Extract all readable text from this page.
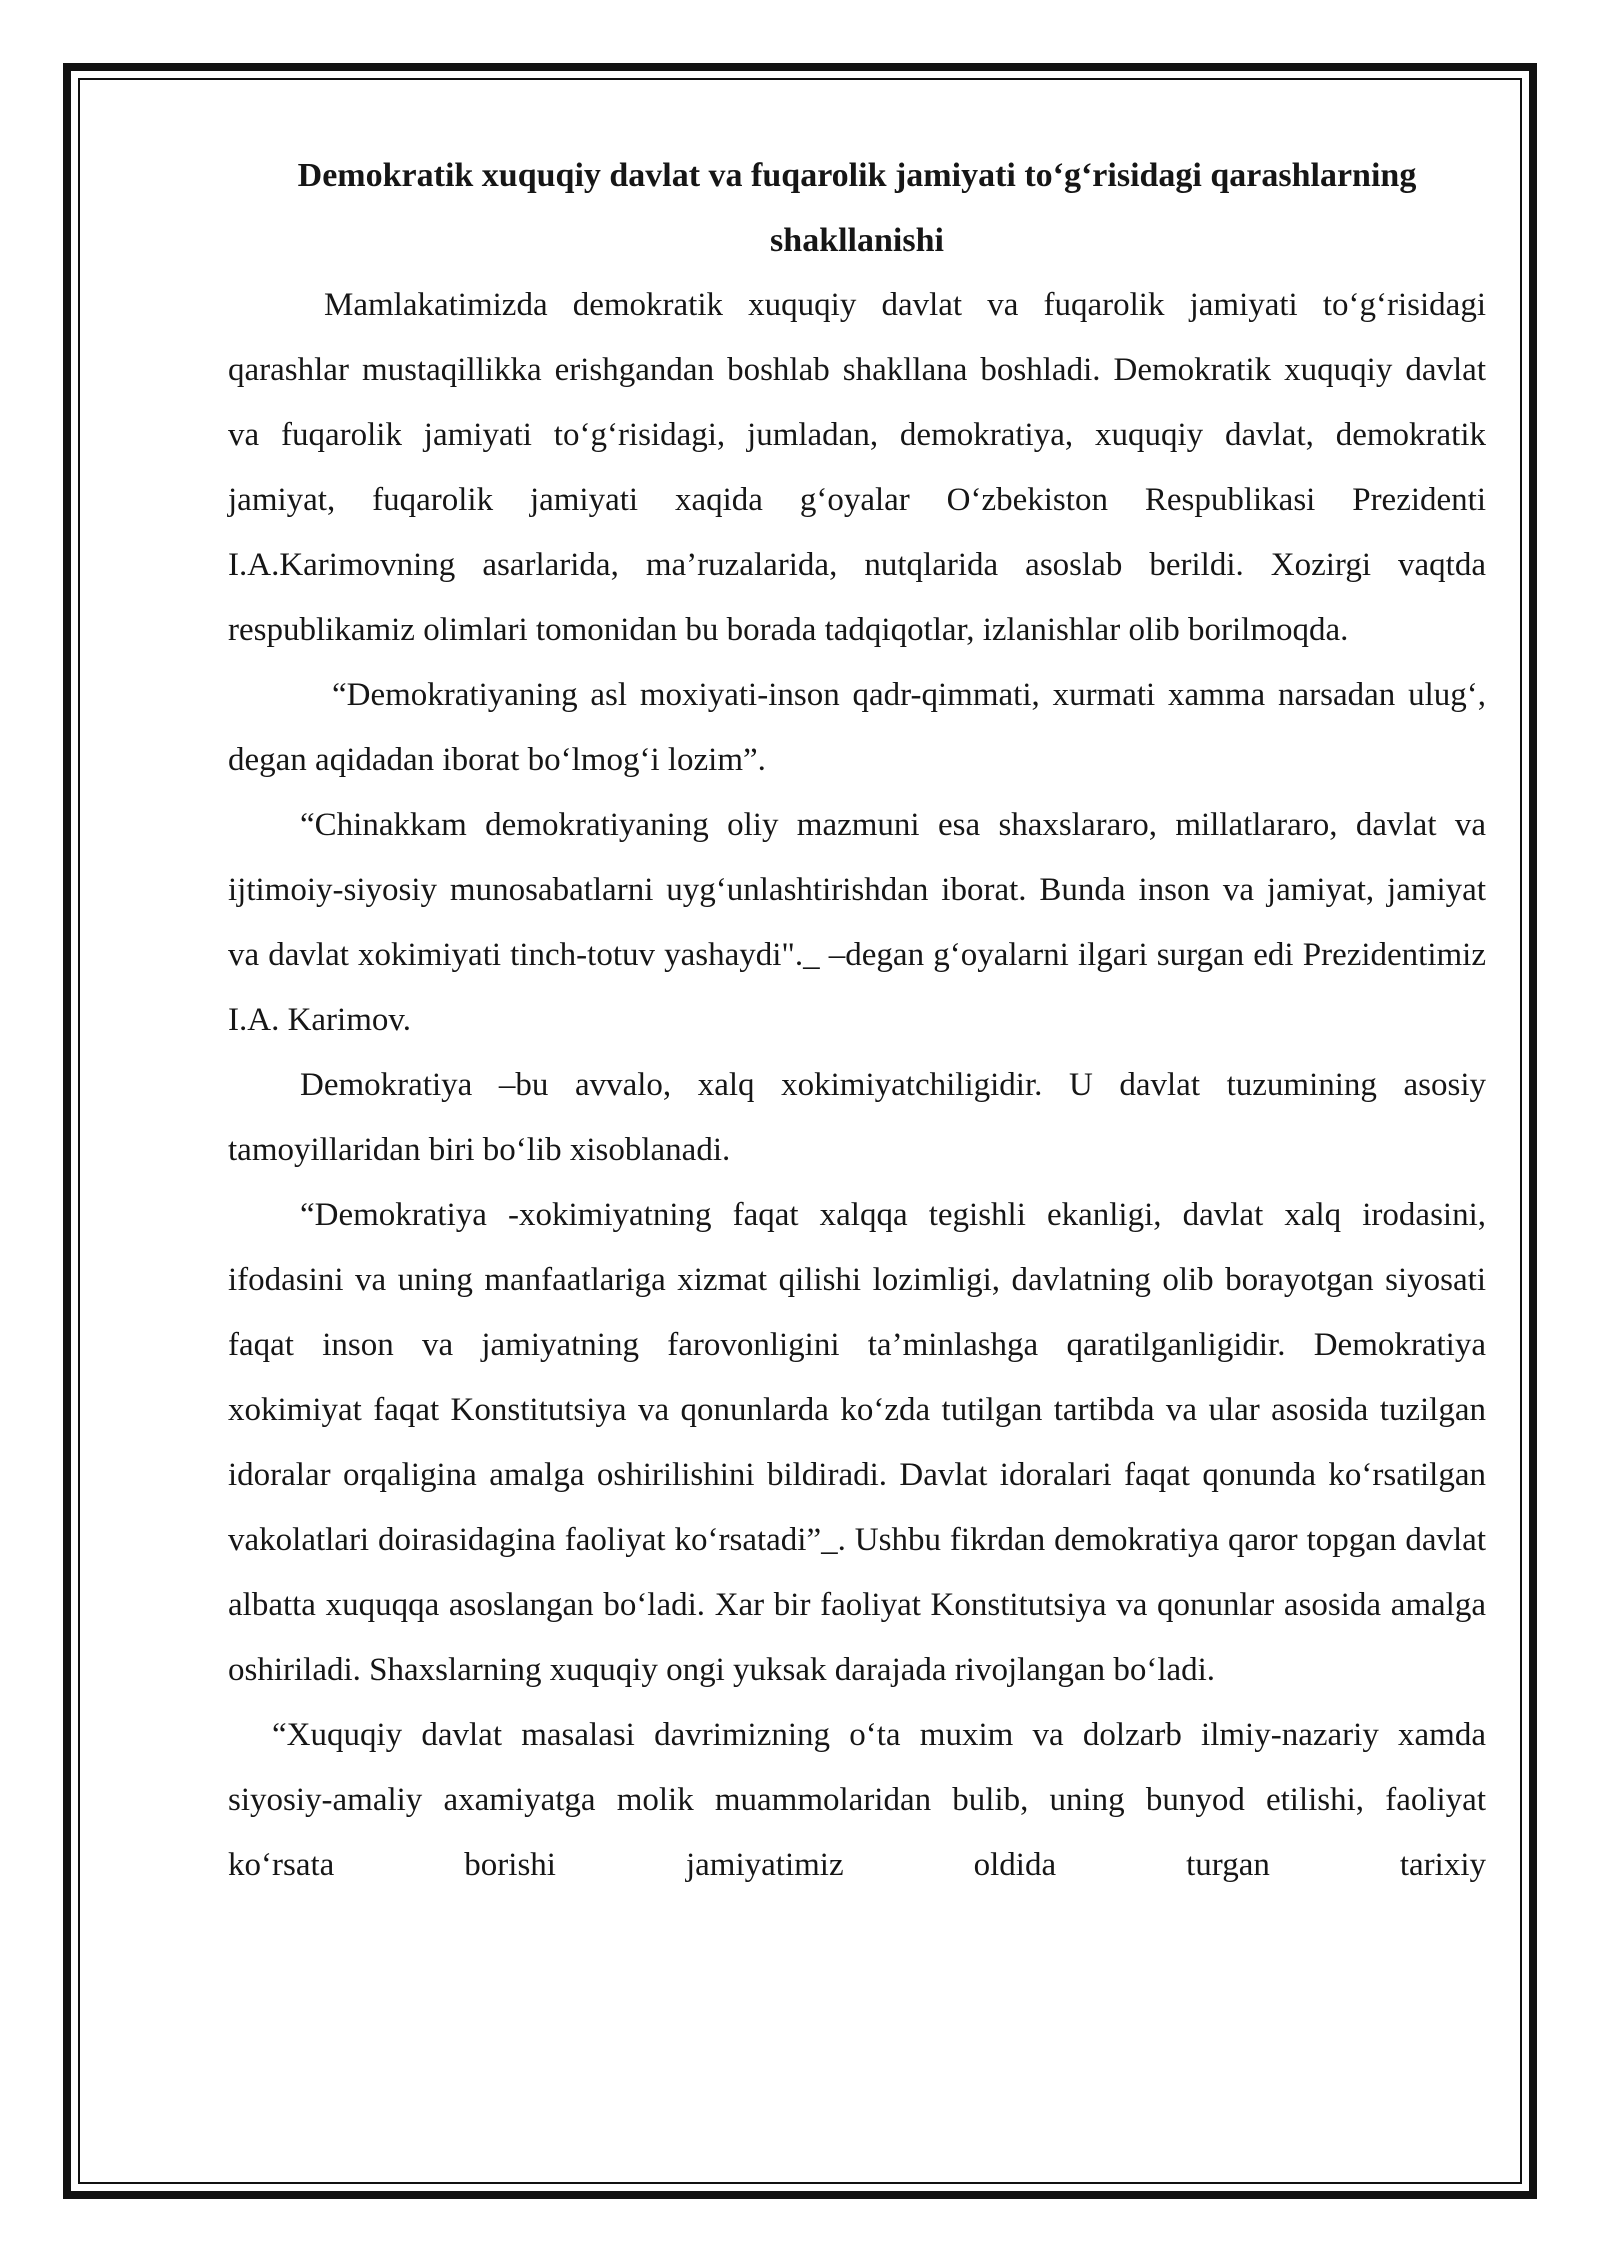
Demokratik xuquqiy davlat va fuqarolik jamiyati to‘g‘risidagi qarashlarning shakllanishi

Mamlakatimizda demokratik xuquqiy davlat va fuqarolik jamiyati to‘g‘risidagi qarashlar mustaqillikka erishgandan boshlab shakllana boshladi. Demokratik xuquqiy davlat va fuqarolik jamiyati to‘g‘risidagi, jumladan, demokratiya, xuquqiy davlat, demokratik jamiyat, fuqarolik jamiyati xaqida g‘oyalar O‘zbekiston Respublikasi Prezidenti I.A.Karimovning asarlarida, ma’ruzalarida, nutqlarida asoslab berildi. Xozirgi vaqtda respublikamiz olimlari tomonidan bu borada tadqiqotlar, izlanishlar olib borilmoqda.

“Demokratiyaning asl moxiyati-inson qadr-qimmati, xurmati xamma narsadan ulug‘, degan aqidadan iborat bo‘lmog‘i lozim”.

“Chinakkam demokratiyaning oliy mazmuni esa shaxslararo, millatlararo, davlat va ijtimoiy-siyosiy munosabatlarni uyg‘unlashtirishdan iborat. Bunda inson va jamiyat, jamiyat va davlat xokimiyati tinch-totuv yashaydi"._ –degan g‘oyalarni ilgari surgan edi Prezidentimiz I.A. Karimov.

Demokratiya –bu avvalo, xalq xokimiyatchiligidir. U davlat tuzumining asosiy tamoyillaridan biri bo‘lib xisoblanadi.

“Demokratiya -xokimiyatning faqat xalqqa tegishli ekanligi, davlat xalq irodasini, ifodasini va uning manfaatlariga xizmat qilishi lozimligi, davlatning olib borayotgan siyosati faqat inson va jamiyatning farovonligini ta’minlashga qaratilganligidir. Demokratiya xokimiyat faqat Konstitutsiya va qonunlarda ko‘zda tutilgan tartibda va ular asosida tuzilgan idoralar orqaligina amalga oshirilishini bildiradi. Davlat idoralari faqat qonunda ko‘rsatilgan vakolatlari doirasidagina faoliyat ko‘rsatadi”_. Ushbu fikrdan demokratiya qaror topgan davlat albatta xuquqqa asoslangan bo‘ladi. Xar bir faoliyat Konstitutsiya va qonunlar asosida amalga oshiriladi. Shaxslarning xuquqiy ongi yuksak darajada rivojlangan bo‘ladi.

“Xuquqiy davlat masalasi davrimizning o‘ta muxim va dolzarb ilmiy-nazariy xamda siyosiy-amaliy axamiyatga molik muammolaridan bulib, uning bunyod etilishi, faoliyat ko‘rsata borishi jamiyatimiz oldida turgan tarixiy
